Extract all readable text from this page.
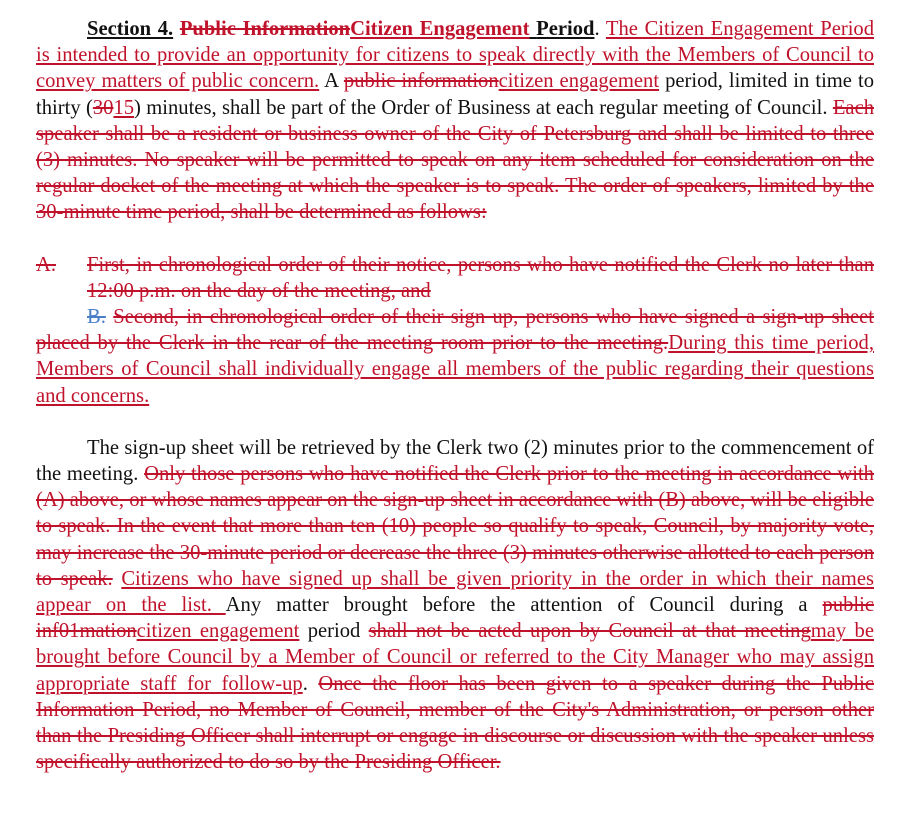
Section 4. Public InformationCitizen Engagement Period. The Citizen Engagement Period is intended to provide an opportunity for citizens to speak directly with the Members of Council to convey matters of public concern. A public informationcitizen engagement period, limited in time to thirty (3015) minutes, shall be part of the Order of Business at each regular meeting of Council. Each speaker shall be a resident or business owner of the City of Petersburg and shall be limited to three (3) minutes. No speaker will be permitted to speak on any item scheduled for consideration on the regular docket of the meeting at which the speaker is to speak. The order of speakers, limited by the 30-minute time period, shall be determined as follows:

A. First, in chronological order of their notice, persons who have notified the Clerk no later than 12:00 p.m. on the day of the meeting, and

B. Second, in chronological order of their sign up, persons who have signed a sign-up sheet placed by the Clerk in the rear of the meeting room prior to the meeting.During this time period, Members of Council shall individually engage all members of the public regarding their questions and concerns.

The sign-up sheet will be retrieved by the Clerk two (2) minutes prior to the commencement of the meeting. Only those persons who have notified the Clerk prior to the meeting in accordance with (A) above, or whose names appear on the sign-up sheet in accordance with (B) above, will be eligible to speak. In the event that more than ten (10) people so qualify to speak, Council, by majority vote, may increase the 30-minute period or decrease the three (3) minutes otherwise allotted to each person to speak. Citizens who have signed up shall be given priority in the order in which their names appear on the list. Any matter brought before the attention of Council during a public inf01mationcitizen engagement period shall not be acted upon by Council at that meetingmay be brought before Council by a Member of Council or referred to the City Manager who may assign appropriate staff for follow-up. Once the floor has been given to a speaker during the Public Information Period, no Member of Council, member of the City's Administration, or person other than the Presiding Officer shall interrupt or engage in discourse or discussion with the speaker unless specifically authorized to do so by the Presiding Officer.
